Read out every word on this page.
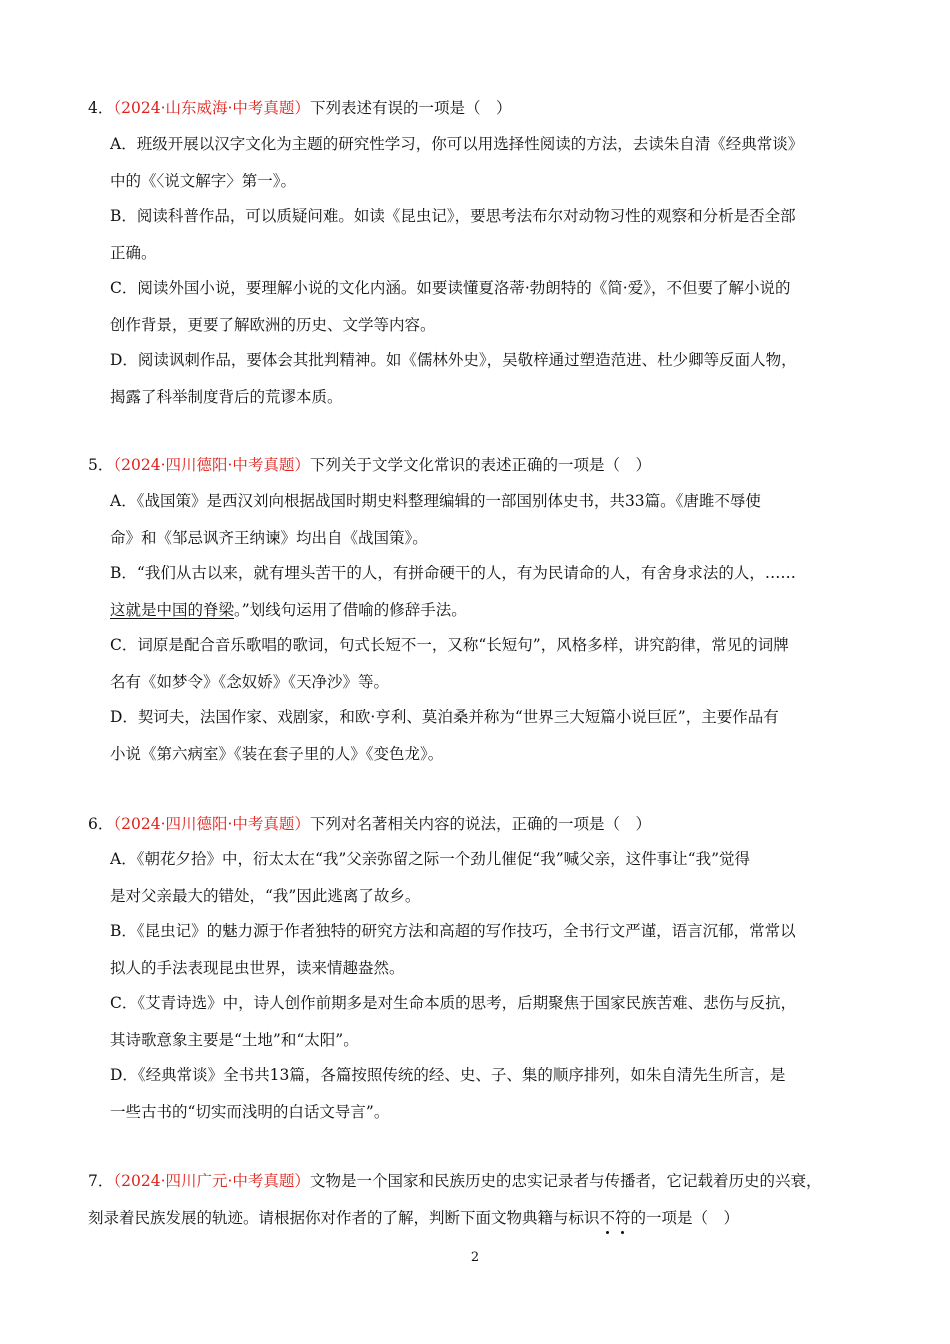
4．（2024·山东威海·中考真题）下列表述有误的一项是（　）
A．班级开展以汉字文化为主题的研究性学习，你可以用选择性阅读的方法，去读朱自清《经典常谈》
中的《〈说文解字〉第一》。
B．阅读科普作品，可以质疑问难。如读《昆虫记》，要思考法布尔对动物习性的观察和分析是否全部
正确。
C．阅读外国小说，要理解小说的文化内涵。如要读懂夏洛蒂·勃朗特的《简·爱》，不但要了解小说的
创作背景，更要了解欧洲的历史、文学等内容。
D．阅读讽刺作品，要体会其批判精神。如《儒林外史》，吴敬梓通过塑造范进、杜少卿等反面人物，
揭露了科举制度背后的荒谬本质。
5．（2024·四川德阳·中考真题）下列关于文学文化常识的表述正确的一项是（　）
A．《战国策》是西汉刘向根据战国时期史料整理编辑的一部国别体史书，共33篇。《唐雎不辱使
命》和《邹忌讽齐王纳谏》均出自《战国策》。
B．“我们从古以来，就有埋头苦干的人，有拼命硬干的人，有为民请命的人，有舍身求法的人，……
这就是中国的脊梁。”划线句运用了借喻的修辞手法。
C．词原是配合音乐歌唱的歌词，句式长短不一，又称“长短句”，风格多样，讲究韵律，常见的词牌
名有《如梦令》《念奴娇》《天净沙》等。
D．契诃夫，法国作家、戏剧家，和欧·亨利、莫泊桑并称为“世界三大短篇小说巨匠”，主要作品有
小说《第六病室》《装在套子里的人》《变色龙》。
6．（2024·四川德阳·中考真题）下列对名著相关内容的说法，正确的一项是（　）
A．《朝花夕拾》中，衍太太在“我”父亲弥留之际一个劲儿催促“我”喊父亲，这件事让“我”觉得
是对父亲最大的错处，“我”因此逃离了故乡。
B．《昆虫记》的魅力源于作者独特的研究方法和高超的写作技巧，全书行文严谨，语言沉郁，常常以
拟人的手法表现昆虫世界，读来情趣盎然。
C．《艾青诗选》中，诗人创作前期多是对生命本质的思考，后期聚焦于国家民族苦难、悲伤与反抗，
其诗歌意象主要是“土地”和“太阳”。
D．《经典常谈》全书共13篇，各篇按照传统的经、史、子、集的顺序排列，如朱自清先生所言，是
一些古书的“切实而浅明的白话文导言”。
7．（2024·四川广元·中考真题）文物是一个国家和民族历史的忠实记录者与传播者，它记载着历史的兴衰，
刻录着民族发展的轨迹。请根据你对作者的了解，判断下面文物典籍与标识不
符
的一项是（　）
2
